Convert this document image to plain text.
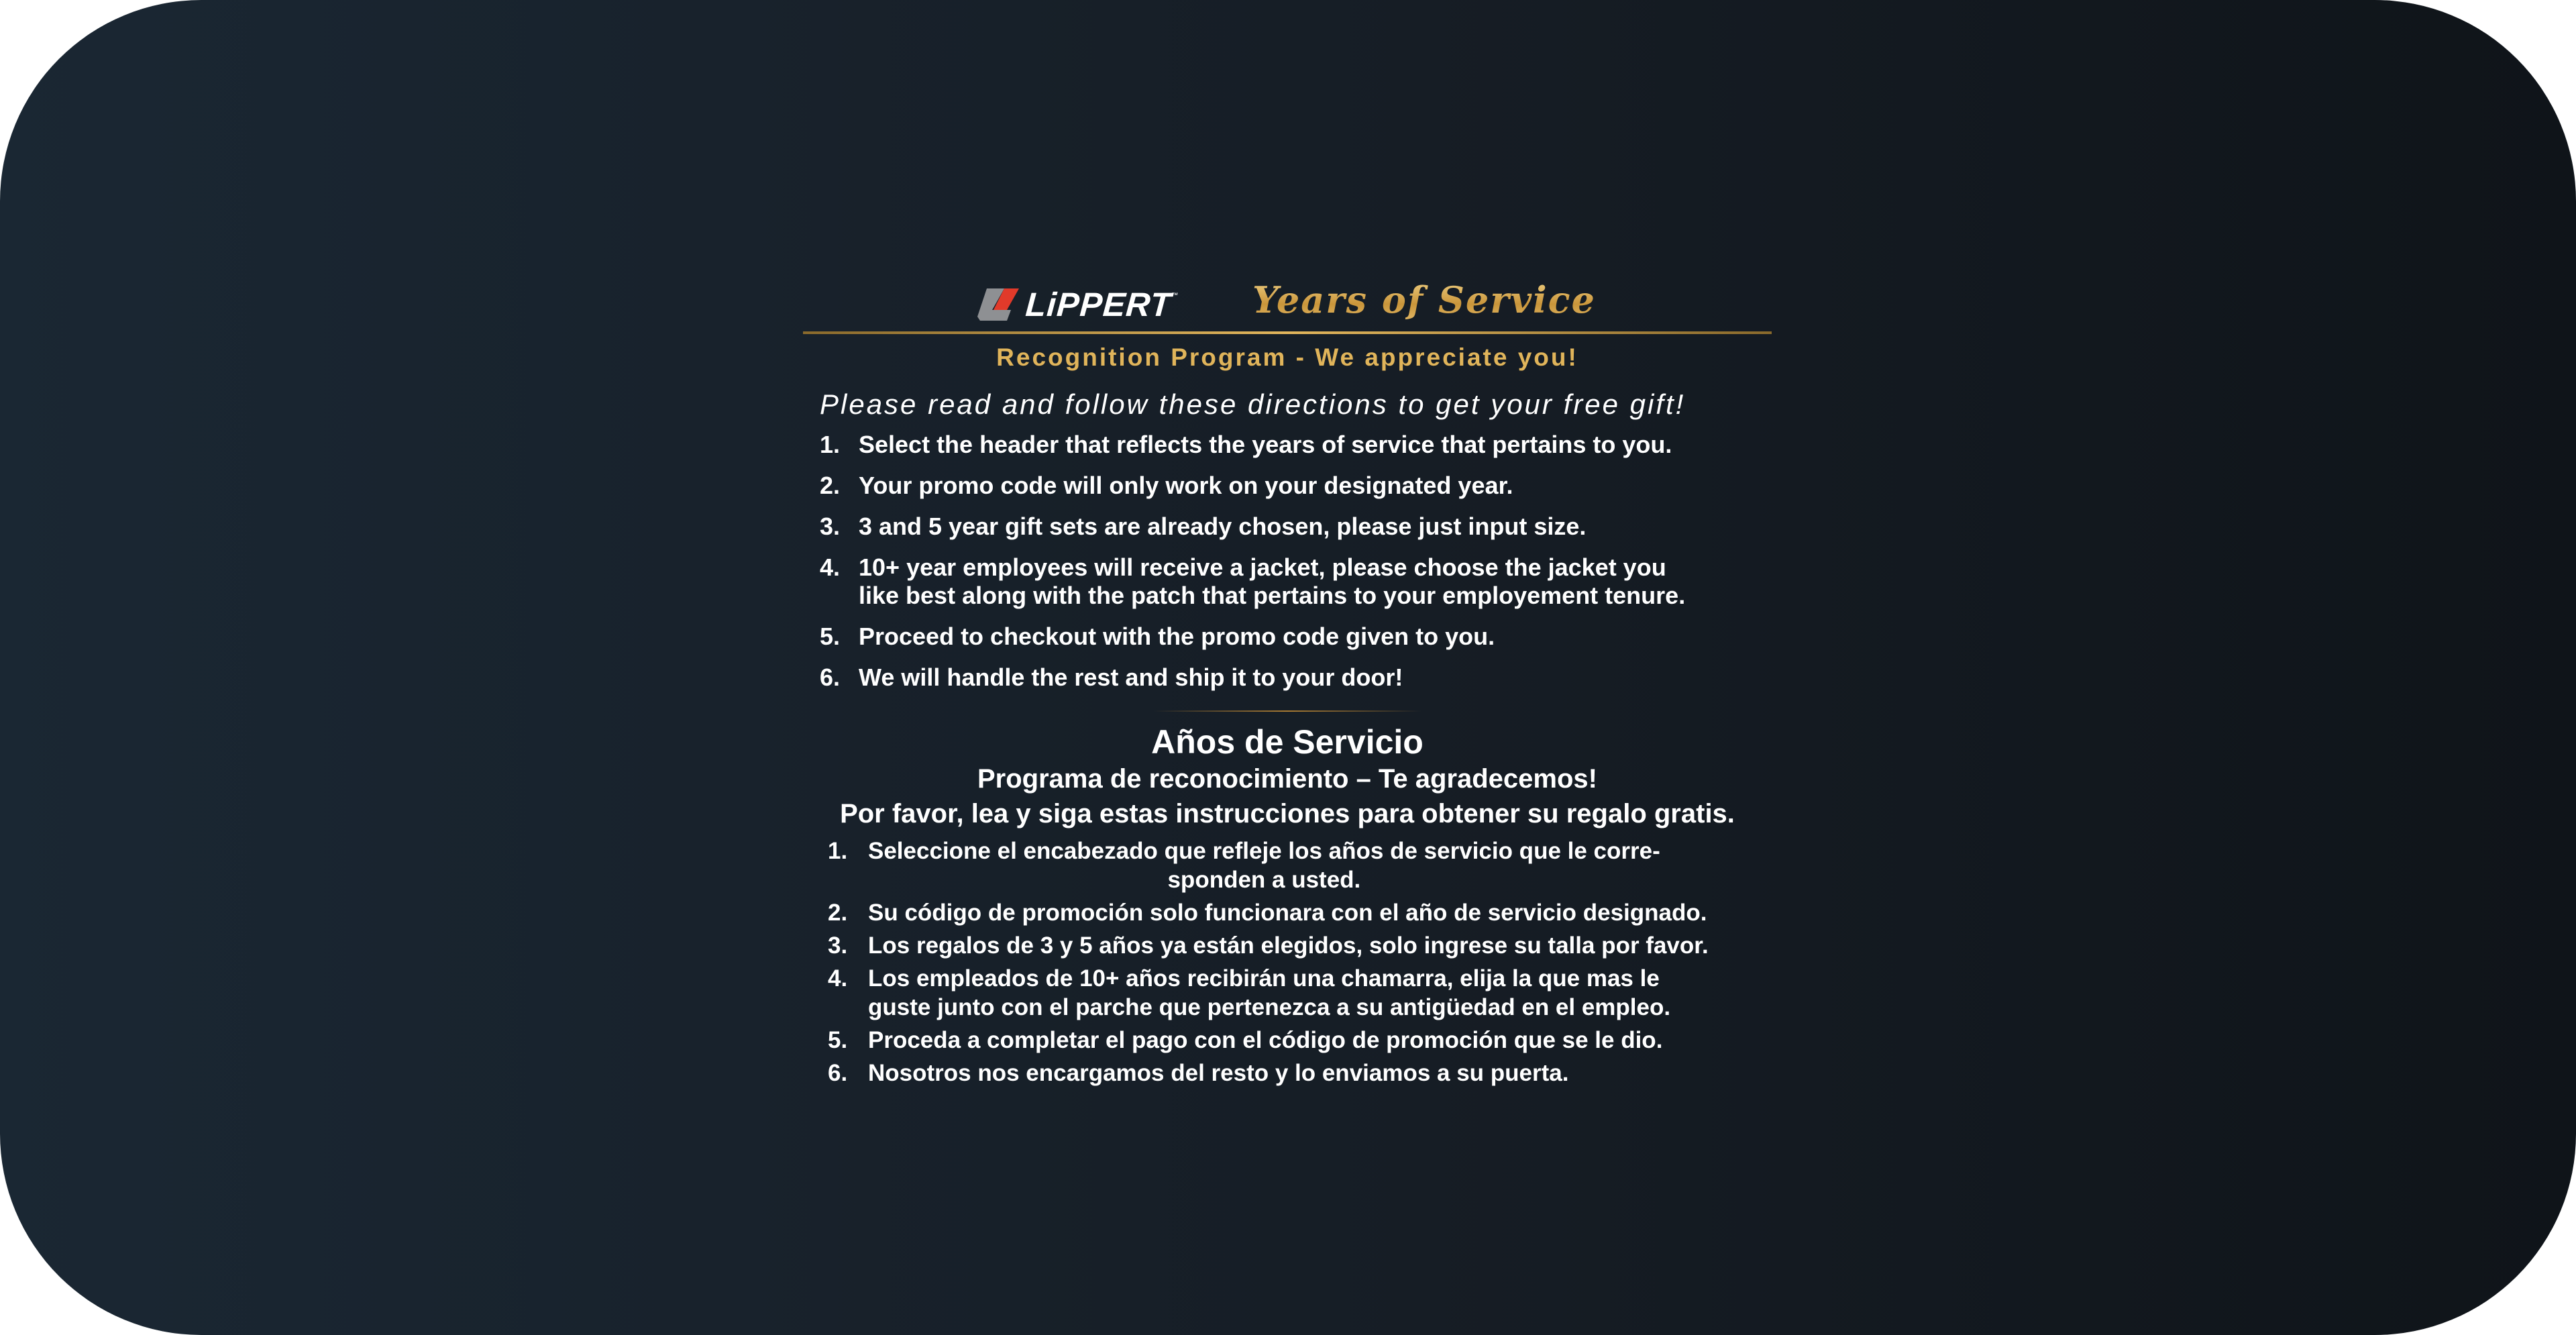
LiPPERT
™ Years of Service
Recognition Program - We appreciate you!
Please read and follow these directions to get your free gift!
1. Select the header that reflects the years of service that pertains to you.
2. Your promo code will only work on your designated year.
3. 3 and 5 year gift sets are already chosen, please just input size.
4. 10+ year employees will receive a jacket, please choose the jacket you
like best along with the patch that pertains to your employement tenure.
5. Proceed to checkout with the promo code given to you.
6. We will handle the rest and ship it to your door!
Años de Servicio
Programa de reconocimiento – Te agradecemos!
Por favor, lea y siga estas instrucciones para obtener su regalo gratis.
1. Seleccione el encabezado que refleje los años de servicio que le corre-
sponden a usted.
2. Su código de promoción solo funcionara con el año de servicio designado.
3. Los regalos de 3 y 5 años ya están elegidos, solo ingrese su talla por favor.
4. Los empleados de 10+ años recibirán una chamarra, elija la que mas le
guste junto con el parche que pertenezca a su antigüedad en el empleo.
5. Proceda a completar el pago con el código de promoción que se le dio.
6. Nosotros nos encargamos del resto y lo enviamos a su puerta.
